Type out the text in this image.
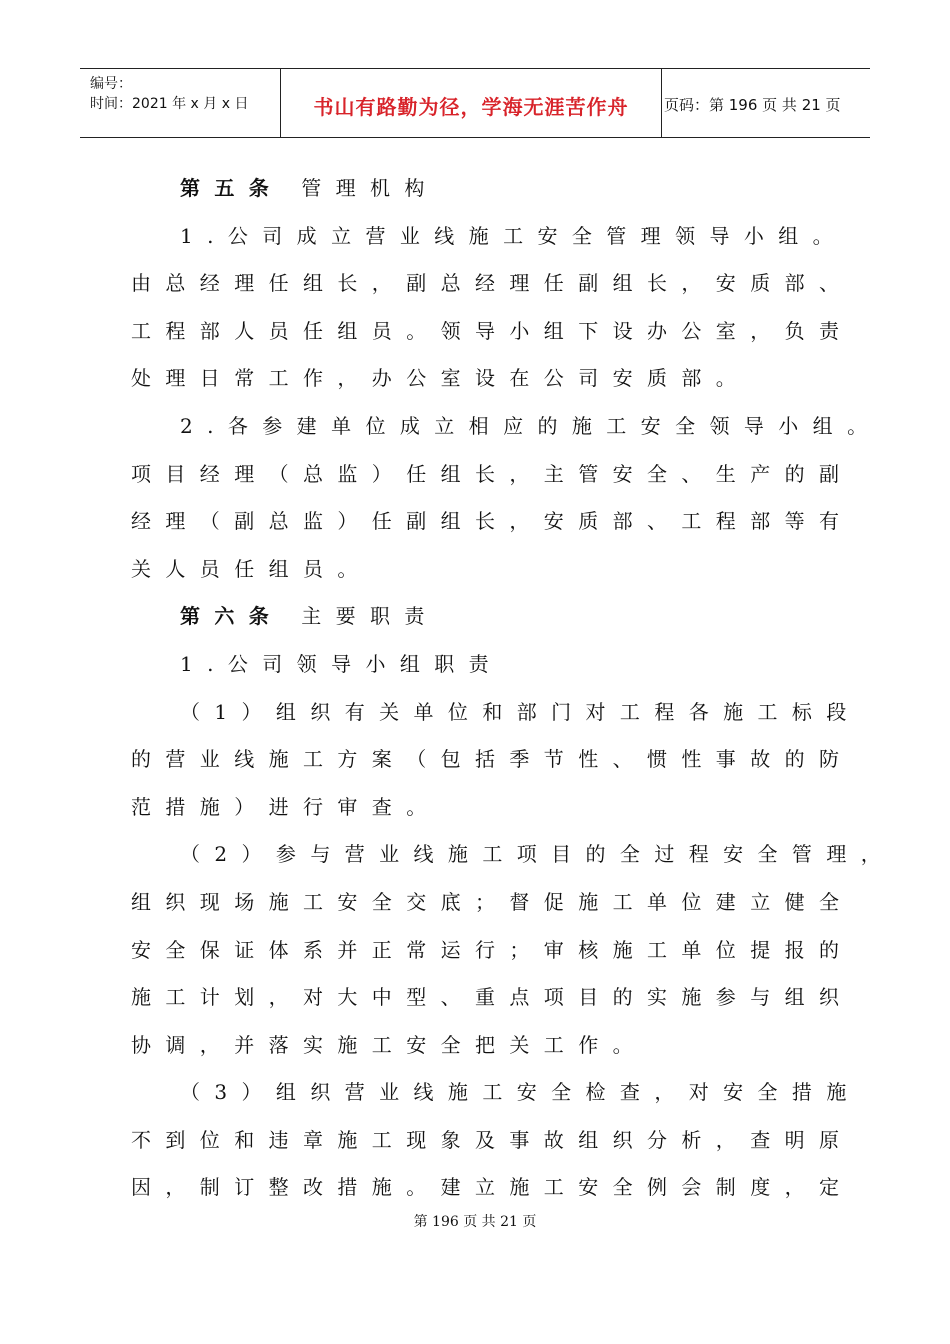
编号：
时间：2021 年 x 月 x 日	书山有路勤为径，学海无涯苦作舟	页码：第 196 页 共 21 页
第五条 管理机构
1.公司成立营业线施工安全管理领导小组。
由总经理任组长，副总经理任副组长，安质部、
工程部人员任组员。领导小组下设办公室，负责
处理日常工作，办公室设在公司安质部。
2.各参建单位成立相应的施工安全领导小组。
项目经理（总监）任组长，主管安全、生产的副
经理（副总监）任副组长，安质部、工程部等有
关人员任组员。
第六条 主要职责
1.公司领导小组职责
（1）组织有关单位和部门对工程各施工标段
的营业线施工方案（包括季节性、惯性事故的防
范措施）进行审查。
（2）参与营业线施工项目的全过程安全管理，
组织现场施工安全交底；督促施工单位建立健全
安全保证体系并正常运行；审核施工单位提报的
施工计划，对大中型、重点项目的实施参与组织
协调，并落实施工安全把关工作。
（3）组织营业线施工安全检查，对安全措施
不到位和违章施工现象及事故组织分析，查明原
因，制订整改措施。建立施工安全例会制度，定
第 196 页 共 21 页
